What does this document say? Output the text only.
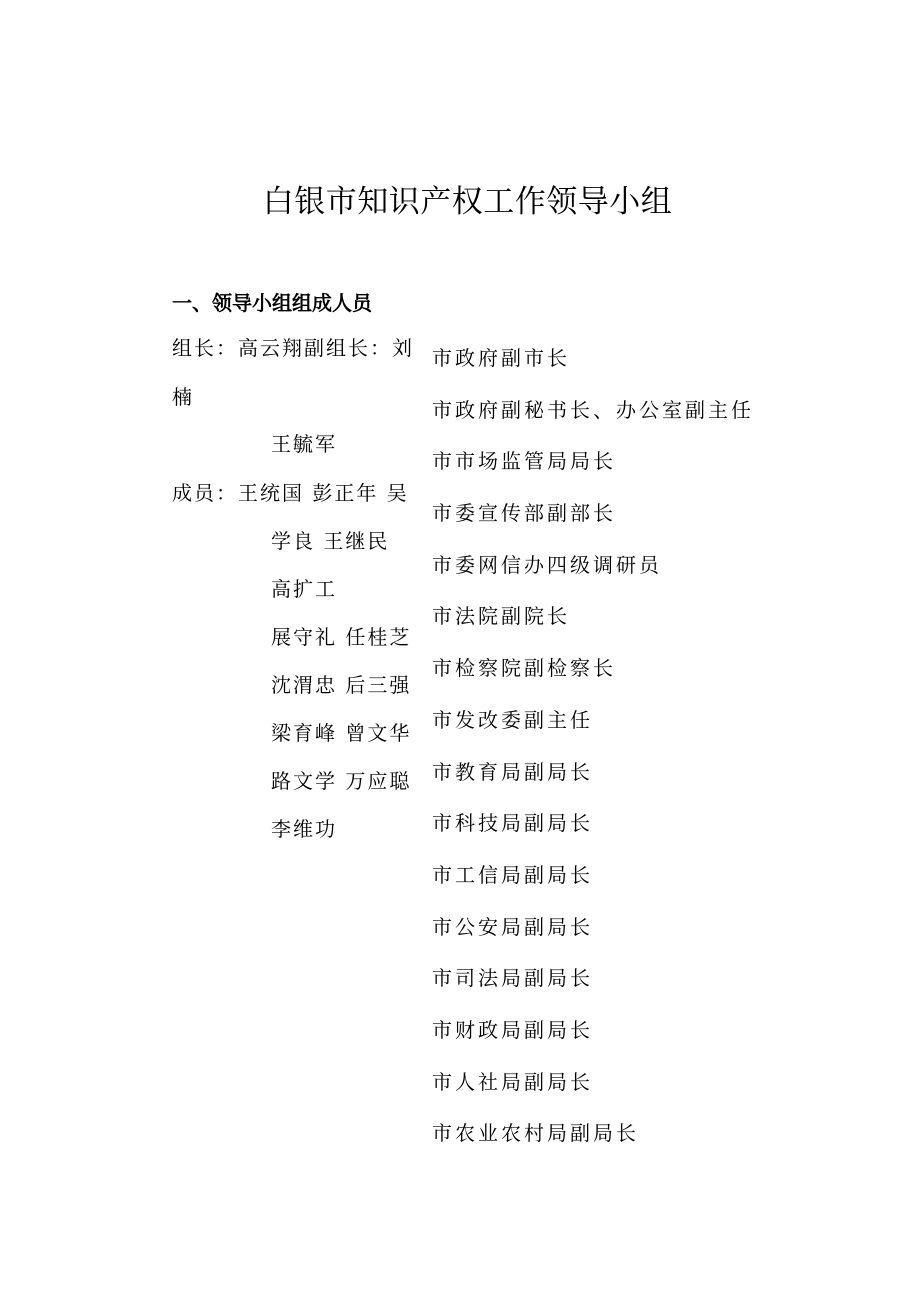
白银市知识产权工作领导小组
一、领导小组组成人员
组长：高云翔副组长：刘
楠
王毓军
成员：王统国 彭正年 吴
学良 王继民
高扩工
展守礼 任桂芝
沈渭忠 后三强
梁育峰 曾文华
路文学 万应聪
李维功
市政府副市长
市政府副秘书长、办公室副主任
市市场监管局局长
市委宣传部副部长
市委网信办四级调研员
市法院副院长
市检察院副检察长
市发改委副主任
市教育局副局长
市科技局副局长
市工信局副局长
市公安局副局长
市司法局副局长
市财政局副局长
市人社局副局长
市农业农村局副局长
